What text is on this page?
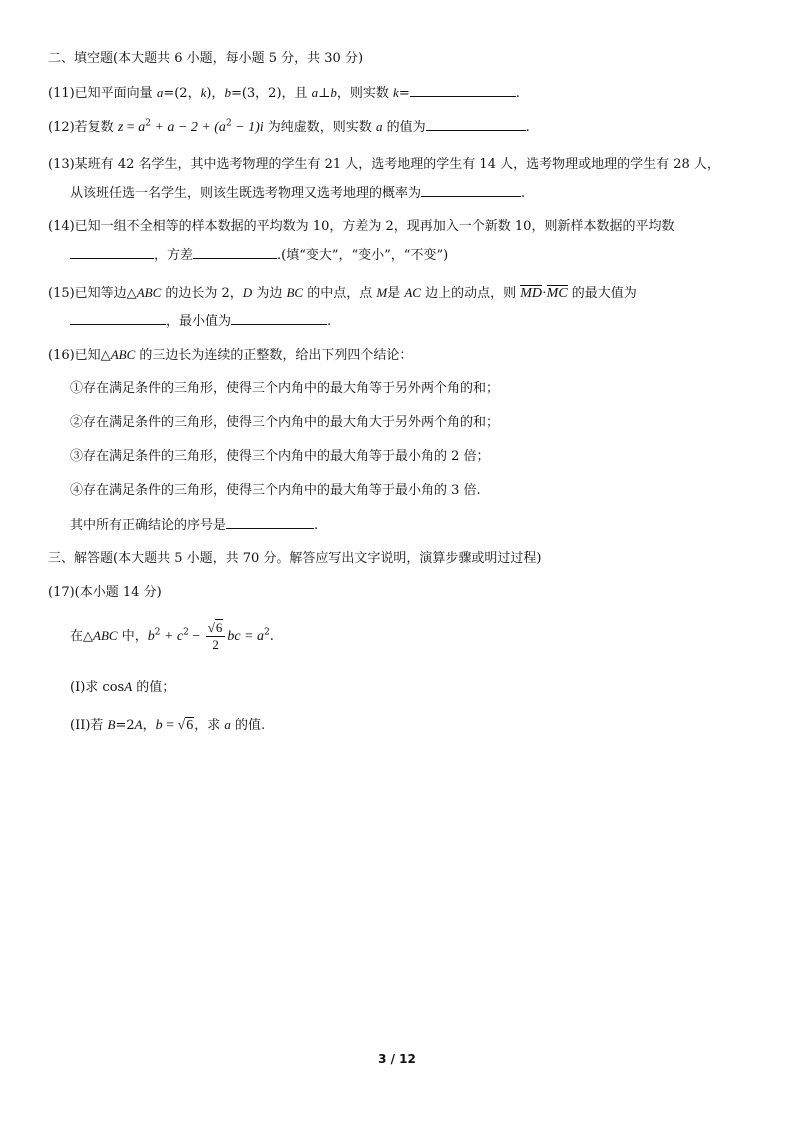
二、填空题(本大题共 6 小题，每小题 5 分，共 30 分)
(11)已知平面向量 a=(2，k)，b=(3，2)，且 a⊥b，则实数 k=	.
(12)若复数 $z = a^2 + a - 2 + (a^2 - 1)i$ 为纯虚数，则实数 a 的值为	.
(13)某班有 42 名学生，其中选考物理的学生有 21 人，选考地理的学生有 14 人，选考物理或地理的学生有 28 人，
从该班任选一名学生，则该生既选考物理又选考地理的概率为	.
(14)已知一组不全相等的样本数据的平均数为 10，方差为 2，现再加入一个新数 10，则新样本数据的平均数
，方差	.(填“变大”，“变小”，“不变”)
(15)已知等边△ABC 的边长为 2，D 为边 BC 的中点，点 M是 AC 边上的动点，则 MD·MC 的最大值为
，最小值为	.
(16)已知△ABC 的三边长为连续的正整数，给出下列四个结论：
①存在满足条件的三角形，使得三个内角中的最大角等于另外两个角的和；
②存在满足条件的三角形，使得三个内角中的最大角大于另外两个角的和；
③存在满足条件的三角形，使得三个内角中的最大角等于最小角的 2 倍；
④存在满足条件的三角形，使得三个内角中的最大角等于最小角的 3 倍.
其中所有正确结论的序号是	.
三、解答题(本大题共 5 小题，共 70 分。解答应写出文字说明，演算步骤或明过过程)
(17)(本小题 14 分)
在△ABC 中，$b^2 + c^2 - \frac{√6}{2}$ bc = $a^2$.
(I)求 cosA 的值；
(II)若 B=2A，b = √6，求 a 的值.
3 / 12
